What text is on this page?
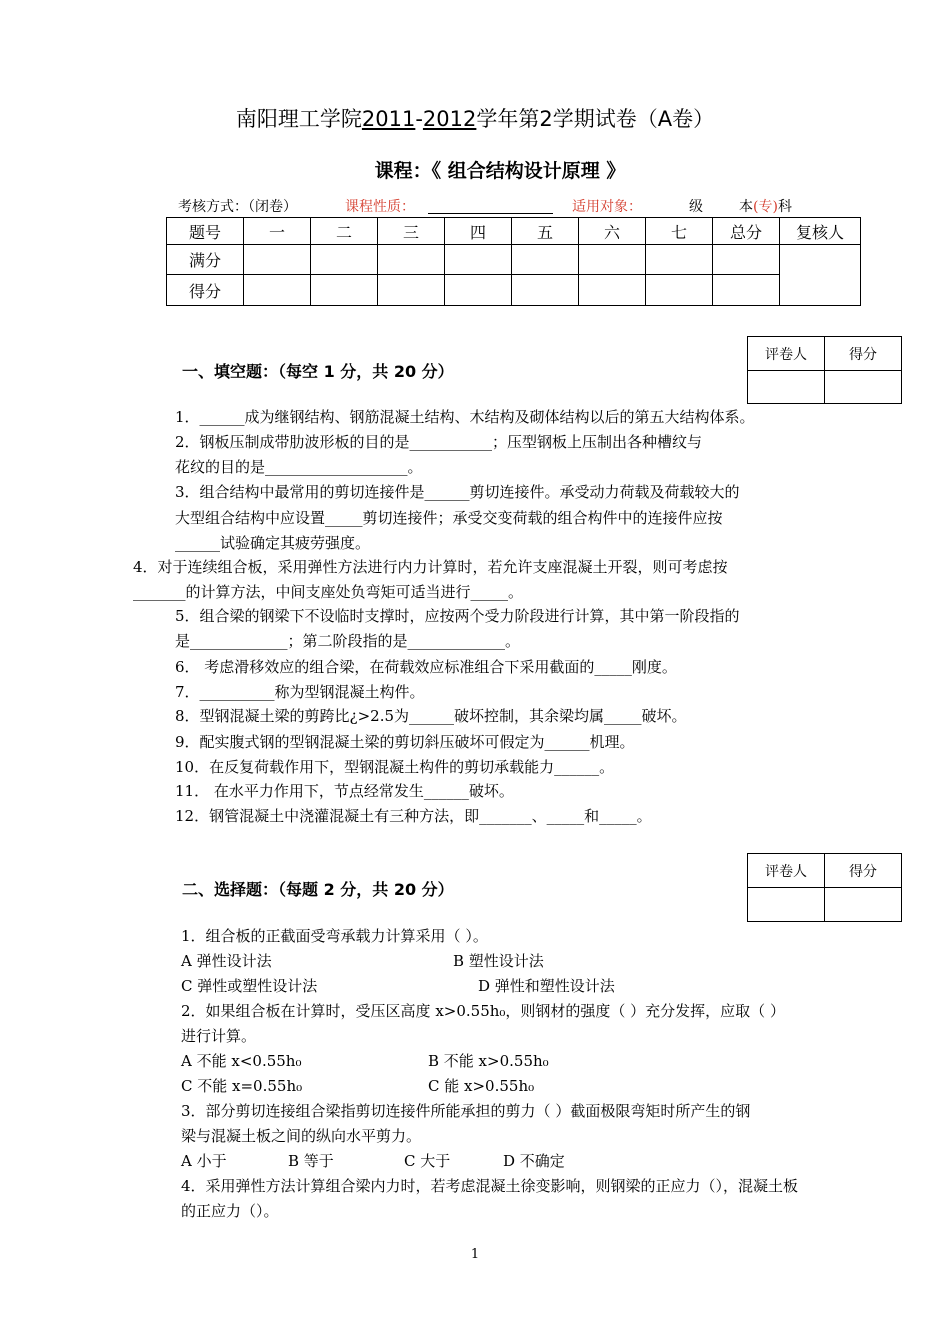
南阳理工学院2011-2012学年第2学期试卷（A卷）
课程：《 组合结构设计原理 》
考核方式：（闭卷）	课程性质：	适用对象：	级	本(专)科
题号	一	二	三	四	五	六	七	总分	复核人
满分									
得分									
评卷人	得分

一、填空题：（每空 1 分，共 20 分）
1．______成为继钢结构、钢筋混凝土结构、木结构及砌体结构以后的第五大结构体系。
2．钢板压制成带肋波形板的目的是___________；压型钢板上压制出各种槽纹与
花纹的目的是___________________。
3．组合结构中最常用的剪切连接件是______剪切连接件。承受动力荷载及荷载较大的
大型组合结构中应设置_____剪切连接件；承受交变荷载的组合构件中的连接件应按
______试验确定其疲劳强度。
4．对于连续组合板，采用弹性方法进行内力计算时，若允许支座混凝土开裂，则可考虑按
_______的计算方法，中间支座处负弯矩可适当进行_____。
5．组合梁的钢梁下不设临时支撑时，应按两个受力阶段进行计算，其中第一阶段指的
是_____________；第二阶段指的是_____________。
6． 考虑滑移效应的组合梁，在荷载效应标准组合下采用截面的_____刚度。
7．__________称为型钢混凝土构件。
8．型钢混凝土梁的剪跨比¿>2.5为______破坏控制，其余梁均属_____破坏。
9．配实腹式钢的型钢混凝土梁的剪切斜压破坏可假定为______机理。
10．在反复荷载作用下，型钢混凝土构件的剪切承载能力______。
11． 在水平力作用下，节点经常发生______破坏。
12．钢管混凝土中浇灌混凝土有三种方法，即_______、_____和_____。
评卷人	得分

二、选择题：（每题 2 分，共 20 分）
1．组合板的正截面受弯承载力计算采用（ ）。
A 弹性设计法	B 塑性设计法
C 弹性或塑性设计法	D 弹性和塑性设计法
2．如果组合板在计算时，受压区高度 x>0.55h₀，则钢材的强度（ ）充分发挥，应取（ ）
进行计算。
A 不能 x<0.55h₀	B 不能 x>0.55h₀
C 不能 x=0.55h₀	C 能 x>0.55h₀
3．部分剪切连接组合梁指剪切连接件所能承担的剪力（ ）截面极限弯矩时所产生的钢
梁与混凝土板之间的纵向水平剪力。
A 小于	B 等于	C 大于	D 不确定
4．采用弹性方法计算组合梁内力时，若考虑混凝土徐变影响，则钢梁的正应力（），混凝土板
的正应力（）。
1
